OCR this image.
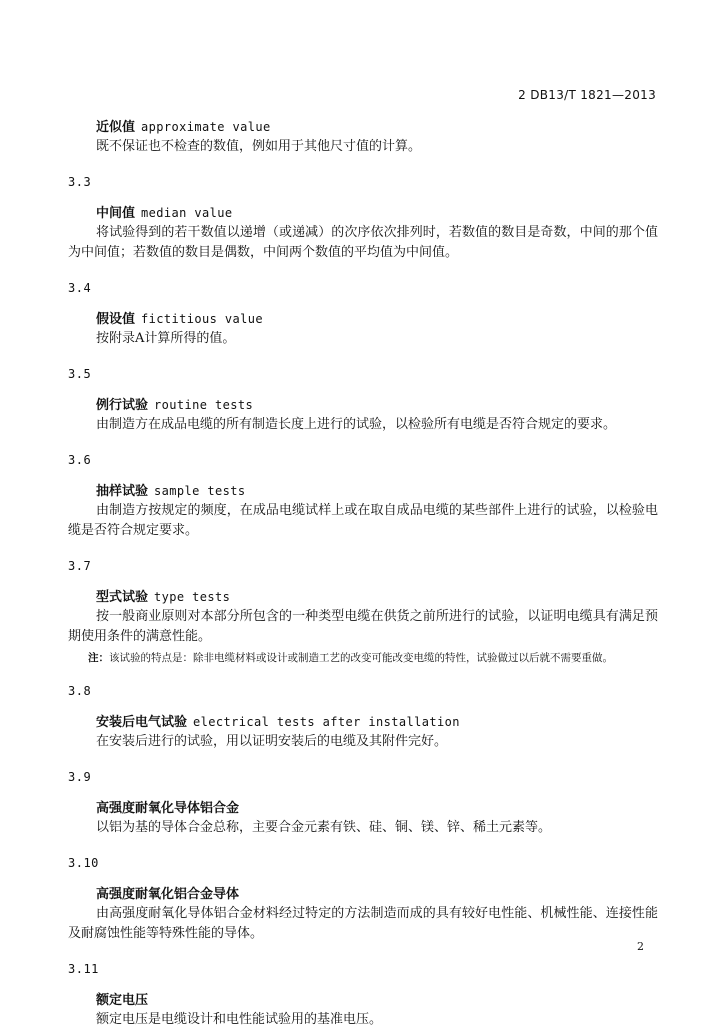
2 DB13/T 1821—2013

近似值 approximate value

既不保证也不检查的数值，例如用于其他尺寸值的计算。

3.3

中间值 median value

将试验得到的若干数值以递增（或递减）的次序依次排列时，若数值的数目是奇数，中间的那个值为中间值；若数值的数目是偶数，中间两个数值的平均值为中间值。

3.4

假设值 fictitious value

按附录A计算所得的值。

3.5

例行试验 routine tests

由制造方在成品电缆的所有制造长度上进行的试验，以检验所有电缆是否符合规定的要求。

3.6

抽样试验 sample tests

由制造方按规定的频度，在成品电缆试样上或在取自成品电缆的某些部件上进行的试验，以检验电缆是否符合规定要求。

3.7

型式试验 type tests

按一般商业原则对本部分所包含的一种类型电缆在供货之前所进行的试验，以证明电缆具有满足预期使用条件的满意性能。

注：该试验的特点是：除非电缆材料或设计或制造工艺的改变可能改变电缆的特性，试验做过以后就不需要重做。

3.8

安装后电气试验 electrical tests after installation

在安装后进行的试验，用以证明安装后的电缆及其附件完好。

3.9

高强度耐氧化导体铝合金

以铝为基的导体合金总称，主要合金元素有铁、硅、铜、镁、锌、稀土元素等。

3.10

高强度耐氧化铝合金导体

由高强度耐氧化导体铝合金材料经过特定的方法制造而成的具有较好电性能、机械性能、连接性能及耐腐蚀性能等特殊性能的导体。

3.11

额定电压

额定电压是电缆设计和电性能试验用的基准电压。

2
